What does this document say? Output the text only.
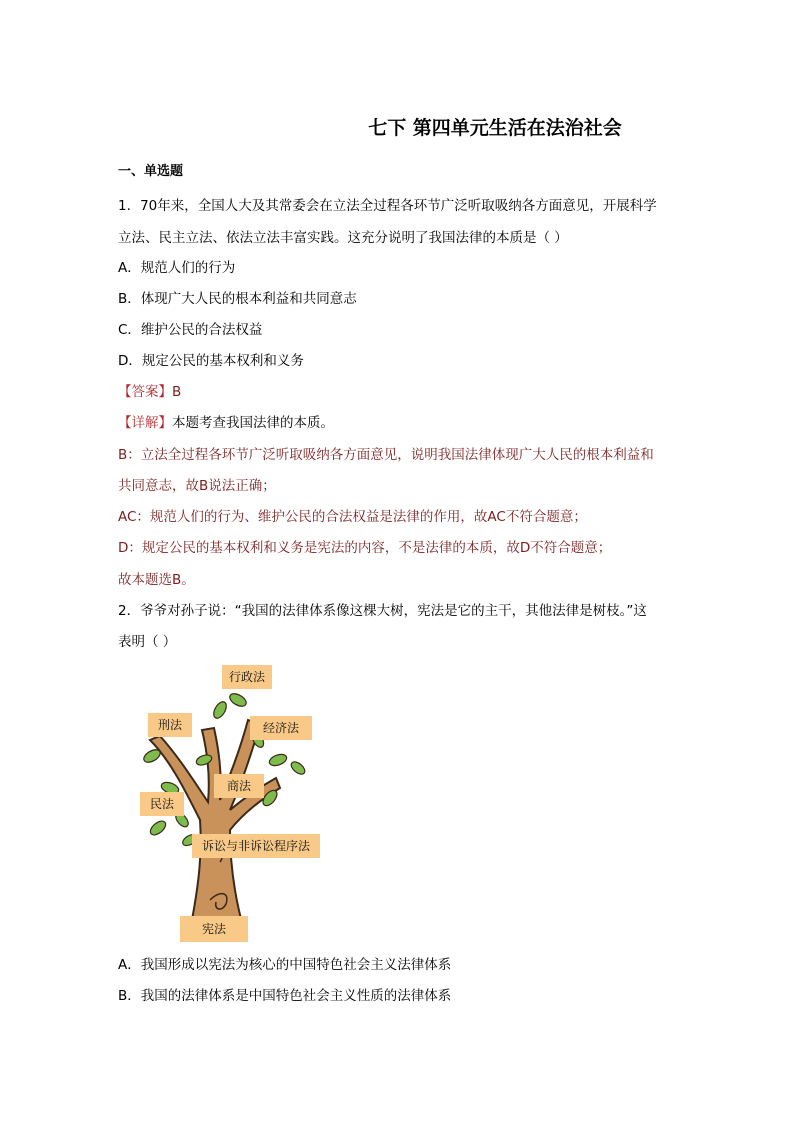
七下 第四单元生活在法治社会
一、单选题
1．70年来，全国人大及其常委会在立法全过程各环节广泛听取吸纳各方面意见，开展科学
立法、民主立法、依法立法丰富实践。这充分说明了我国法律的本质是（ ）
A．规范人们的行为
B．体现广大人民的根本利益和共同意志
C．维护公民的合法权益
D．规定公民的基本权利和义务
【答案】B
【详解】本题考查我国法律的本质。
B：立法全过程各环节广泛听取吸纳各方面意见，说明我国法律体现广大人民的根本利益和
共同意志，故B说法正确；
AC：规范人们的行为、维护公民的合法权益是法律的作用，故AC不符合题意；
D：规定公民的基本权利和义务是宪法的内容，不是法律的本质，故D不符合题意；
故本题选B。
2．爷爷对孙子说：“我国的法律体系像这棵大树，宪法是它的主干，其他法律是树枝。”这
表明（ ）
行政法
刑法	经济法
商法
民法
诉讼与非诉讼程序法
宪法
A．我国形成以宪法为核心的中国特色社会主义法律体系
B．我国的法律体系是中国特色社会主义性质的法律体系
